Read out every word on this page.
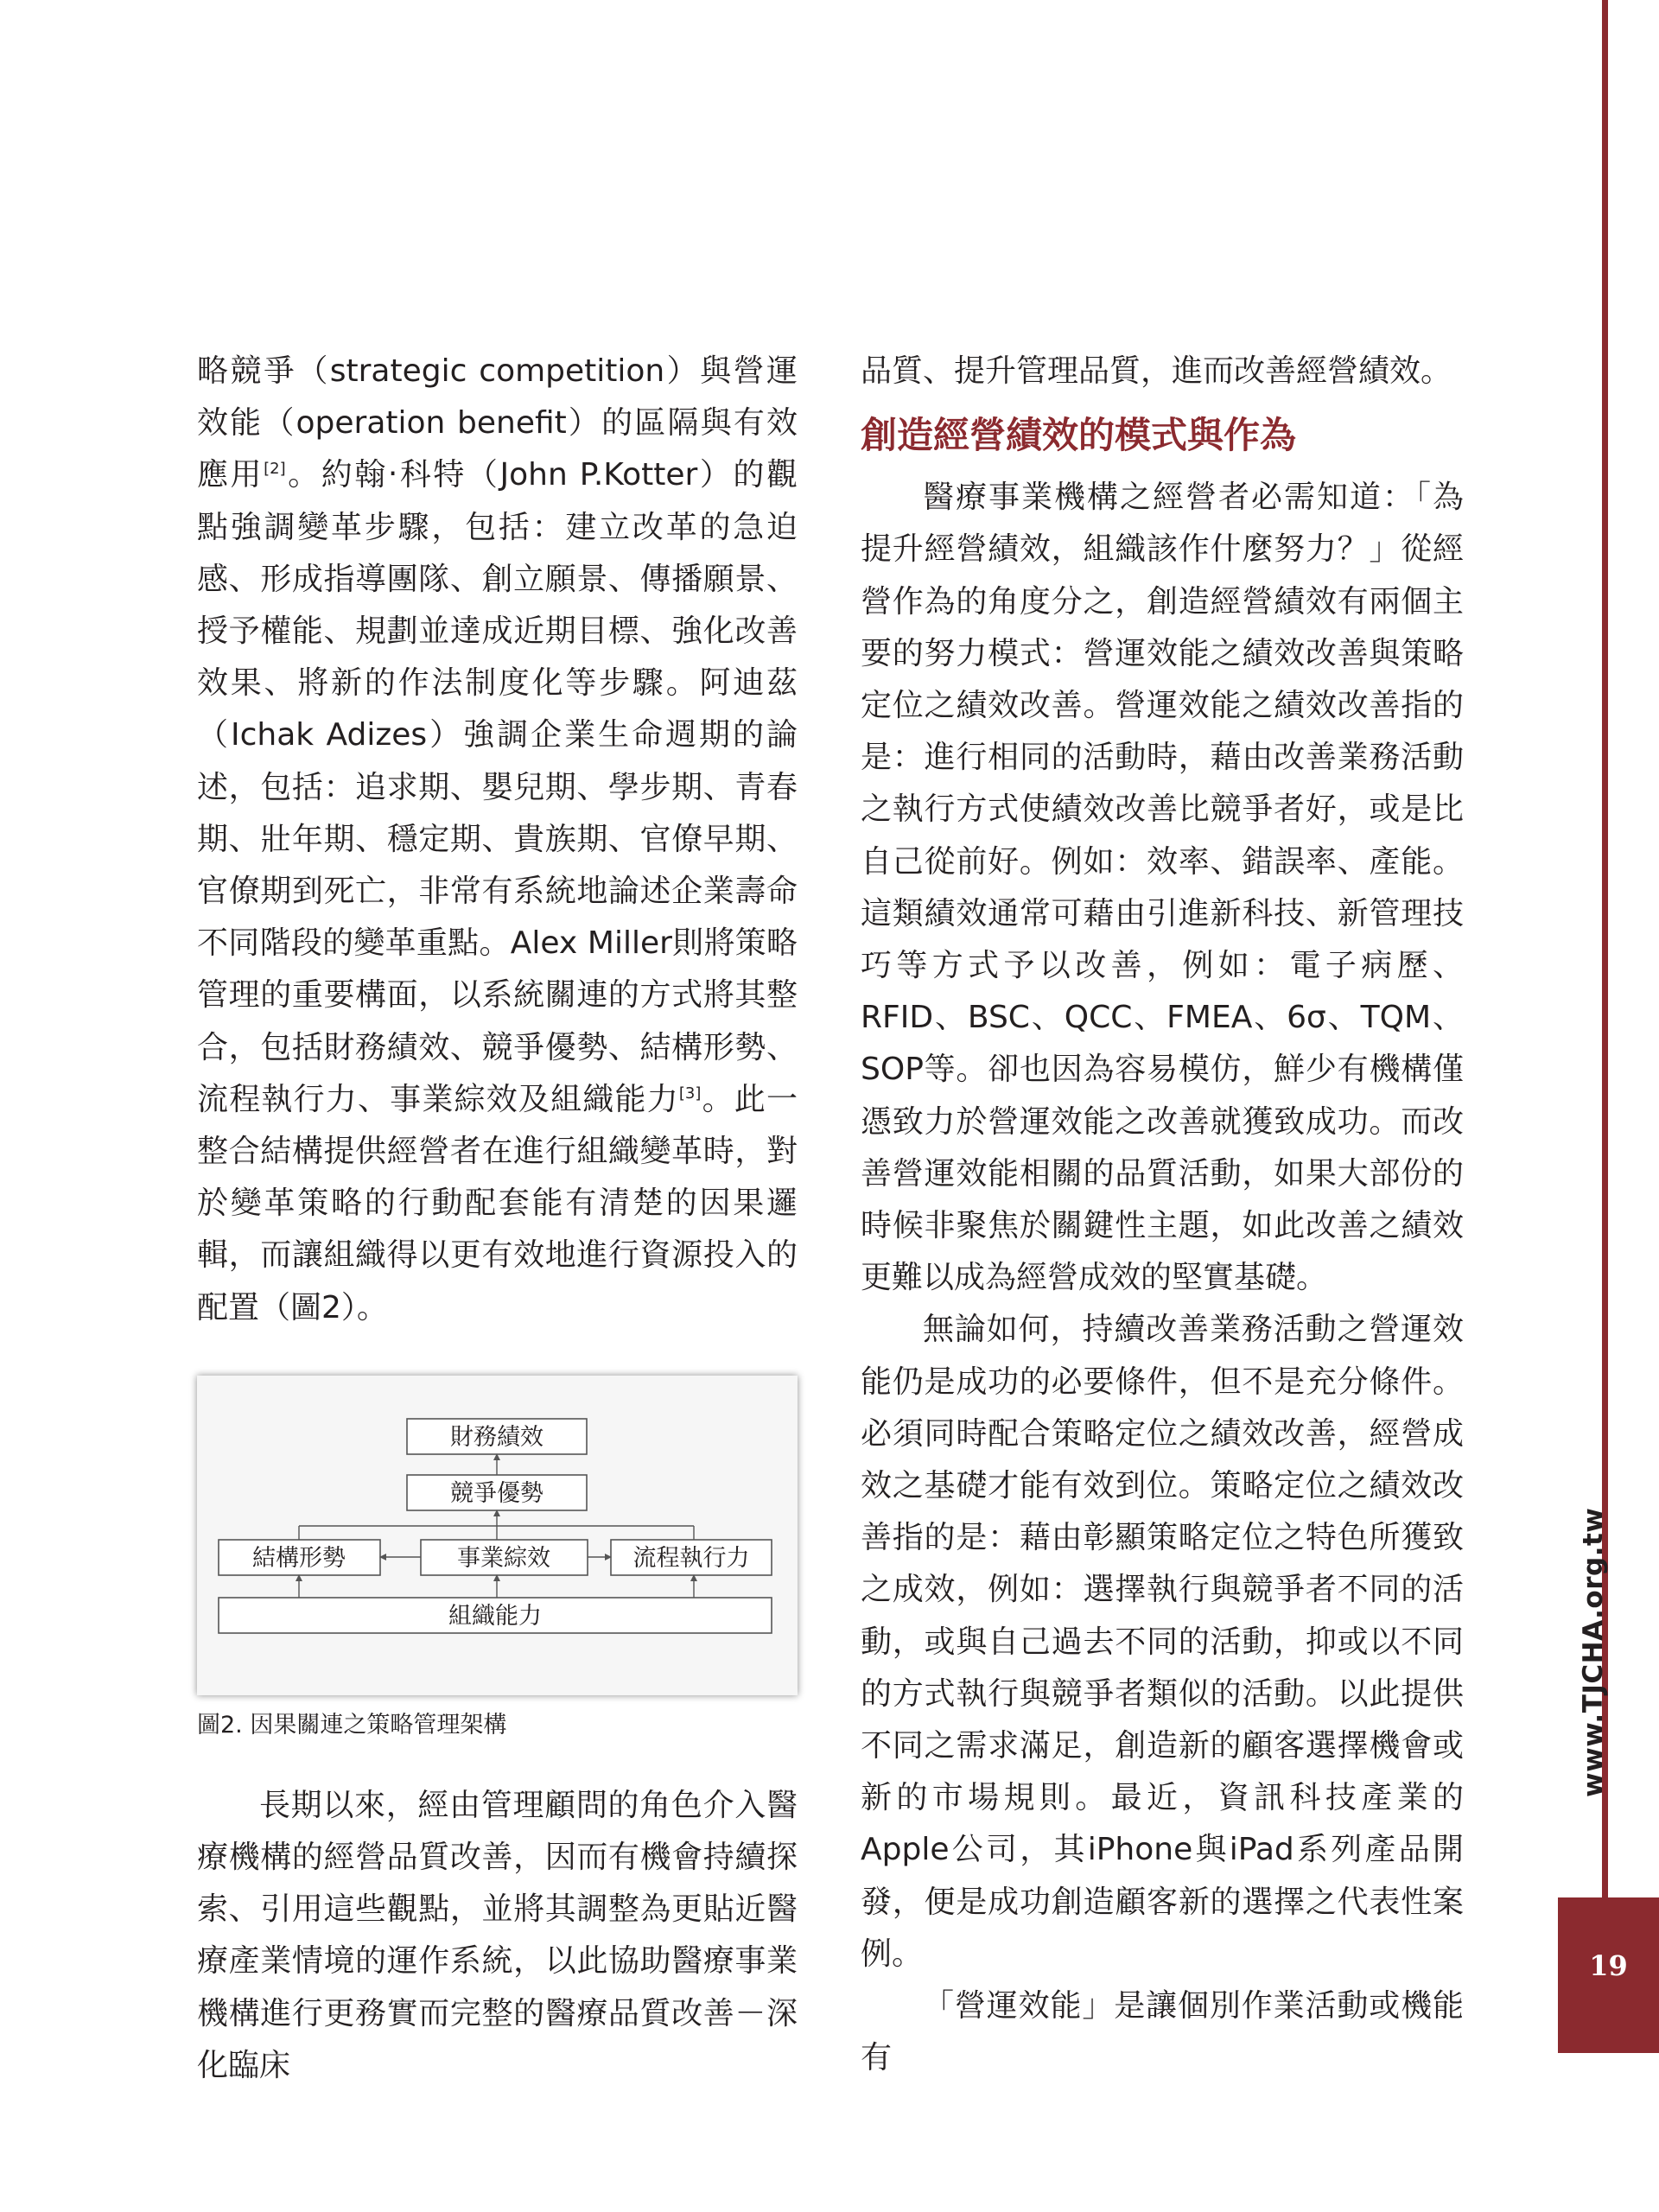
略競爭（strategic competition）與營運效能（operation benefit）的區隔與有效應用[2]。約翰‧科特（John P.Kotter）的觀點強調變革步驟，包括：建立改革的急迫感、形成指導團隊、創立願景、傳播願景、授予權能、規劃並達成近期目標、強化改善效果、將新的作法制度化等步驟。阿迪茲（Ichak Adizes）強調企業生命週期的論述，包括：追求期、嬰兒期、學步期、青春期、壯年期、穩定期、貴族期、官僚早期、官僚期到死亡，非常有系統地論述企業壽命不同階段的變革重點。Alex Miller則將策略管理的重要構面，以系統關連的方式將其整合，包括財務績效、競爭優勢、結構形勢、流程執行力、事業綜效及組織能力[3]。此一整合結構提供經營者在進行組織變革時，對於變革策略的行動配套能有清楚的因果邏輯，而讓組織得以更有效地進行資源投入的配置（圖2）。

財務績效
競爭優勢
結構形勢	事業綜效	流程執行力
組織能力

圖2. 因果關連之策略管理架構

長期以來，經由管理顧問的角色介入醫療機構的經營品質改善，因而有機會持續探索、引用這些觀點，並將其調整為更貼近醫療產業情境的運作系統，以此協助醫療事業機構進行更務實而完整的醫療品質改善－深化臨床

品質、提升管理品質，進而改善經營績效。

創造經營績效的模式與作為

醫療事業機構之經營者必需知道：「為提升經營績效，組織該作什麼努力？」從經營作為的角度分之，創造經營績效有兩個主要的努力模式：營運效能之績效改善與策略定位之績效改善。營運效能之績效改善指的是：進行相同的活動時，藉由改善業務活動之執行方式使績效改善比競爭者好，或是比自己從前好。例如：效率、錯誤率、產能。這類績效通常可藉由引進新科技、新管理技巧等方式予以改善，例如：電子病歷、RFID、BSC、QCC、FMEA、6σ、TQM、SOP等。卻也因為容易模仿，鮮少有機構僅憑致力於營運效能之改善就獲致成功。而改善營運效能相關的品質活動，如果大部份的時候非聚焦於關鍵性主題，如此改善之績效更難以成為經營成效的堅實基礎。

無論如何，持續改善業務活動之營運效能仍是成功的必要條件，但不是充分條件。必須同時配合策略定位之績效改善，經營成效之基礎才能有效到位。策略定位之績效改善指的是：藉由彰顯策略定位之特色所獲致之成效，例如：選擇執行與競爭者不同的活動，或與自己過去不同的活動，抑或以不同的方式執行與競爭者類似的活動。以此提供不同之需求滿足，創造新的顧客選擇機會或新的市場規則。最近，資訊科技產業的Apple公司，其iPhone與iPad系列產品開發，便是成功創造顧客新的選擇之代表性案例。

「營運效能」是讓個別作業活動或機能有

www.TJCHA.org.tw
19
